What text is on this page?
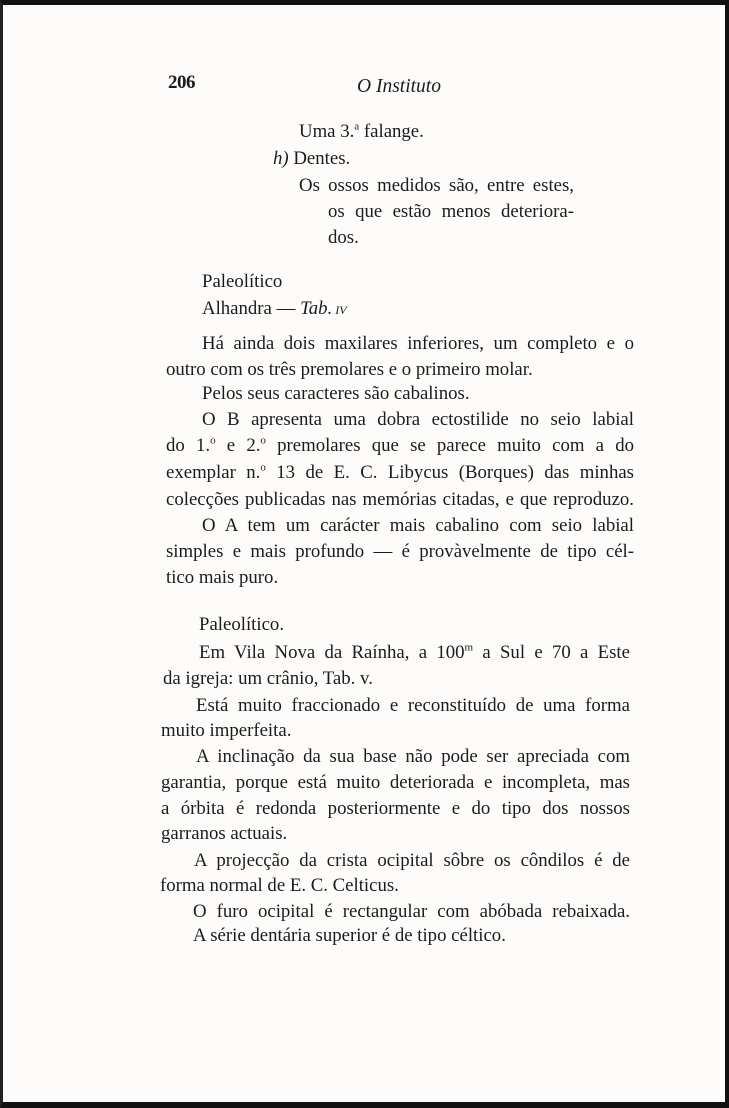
206	O Instituto
Uma 3.$^a$ falange.
h) Dentes.
Os ossos medidos são, entre estes,
os que estão menos deteriora-
dos.
Paleolítico
Alhandra — Tab. IV
Há ainda dois maxilares inferiores, um completo e o
outro com os três premolares e o primeiro molar.
Pelos seus caracteres são cabalinos.
O B apresenta uma dobra ectostilide no seio labial
do 1.$^o$ e 2.$^o$ premolares que se parece muito com a do
exemplar n.$^o$ 13 de E. C. Libycus (Borques) das minhas
colecções publicadas nas memórias citadas, e que reproduzo.
O A tem um carácter mais cabalino com seio labial
simples e mais profundo — é provàvelmente de tipo cél-
tico mais puro.
Paleolítico.
Em Vila Nova da Raínha, a 100$^m$ a Sul e 70 a Este
da igreja: um crânio, Tab. v.
Está muito fraccionado e reconstituído de uma forma
muito imperfeita.
A inclinação da sua base não pode ser apreciada com
garantia, porque está muito deteriorada e incompleta, mas
a órbita é redonda posteriormente e do tipo dos nossos
garranos actuais.
A projecção da crista ocipital sôbre os côndilos é de
forma normal de E. C. Celticus.
O furo ocipital é rectangular com abóbada rebaixada.
A série dentária superior é de tipo céltico.
